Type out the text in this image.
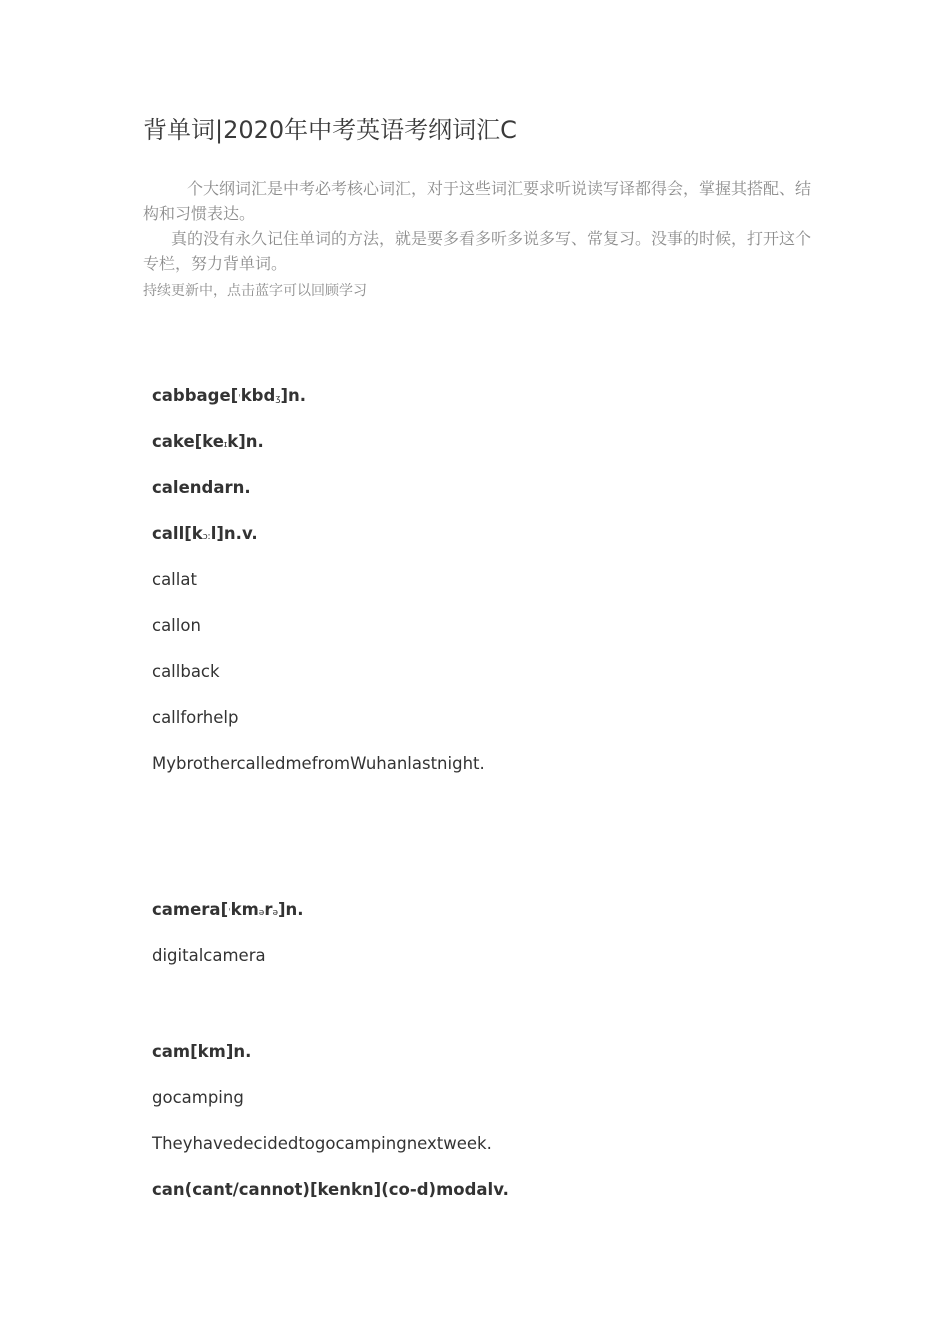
背单词|2020年中考英语考纲词汇C
个大纲词汇是中考必考核心词汇，对于这些词汇要求听说读写译都得会，掌握其搭配、结构和习惯表达。
真的没有永久记住单词的方法，就是要多看多听多说多写、常复习。没事的时候，打开这个专栏，努力背单词。
持续更新中，点击蓝字可以回顾学习
cabbage[ˈkbdʒ]n.
cake[keɪk]n.
calendarn.
call[kɔːl]n.v.
callat
callon
callback
callforhelp
MybrothercalledmefromWuhanlastnight.
camera[ˈkmərə]n.
digitalcamera
cam[km]n.
gocamping
Theyhavedecidedtogocampingnextweek.
can(cant/cannot)[kenkn](co-d)modalv.
